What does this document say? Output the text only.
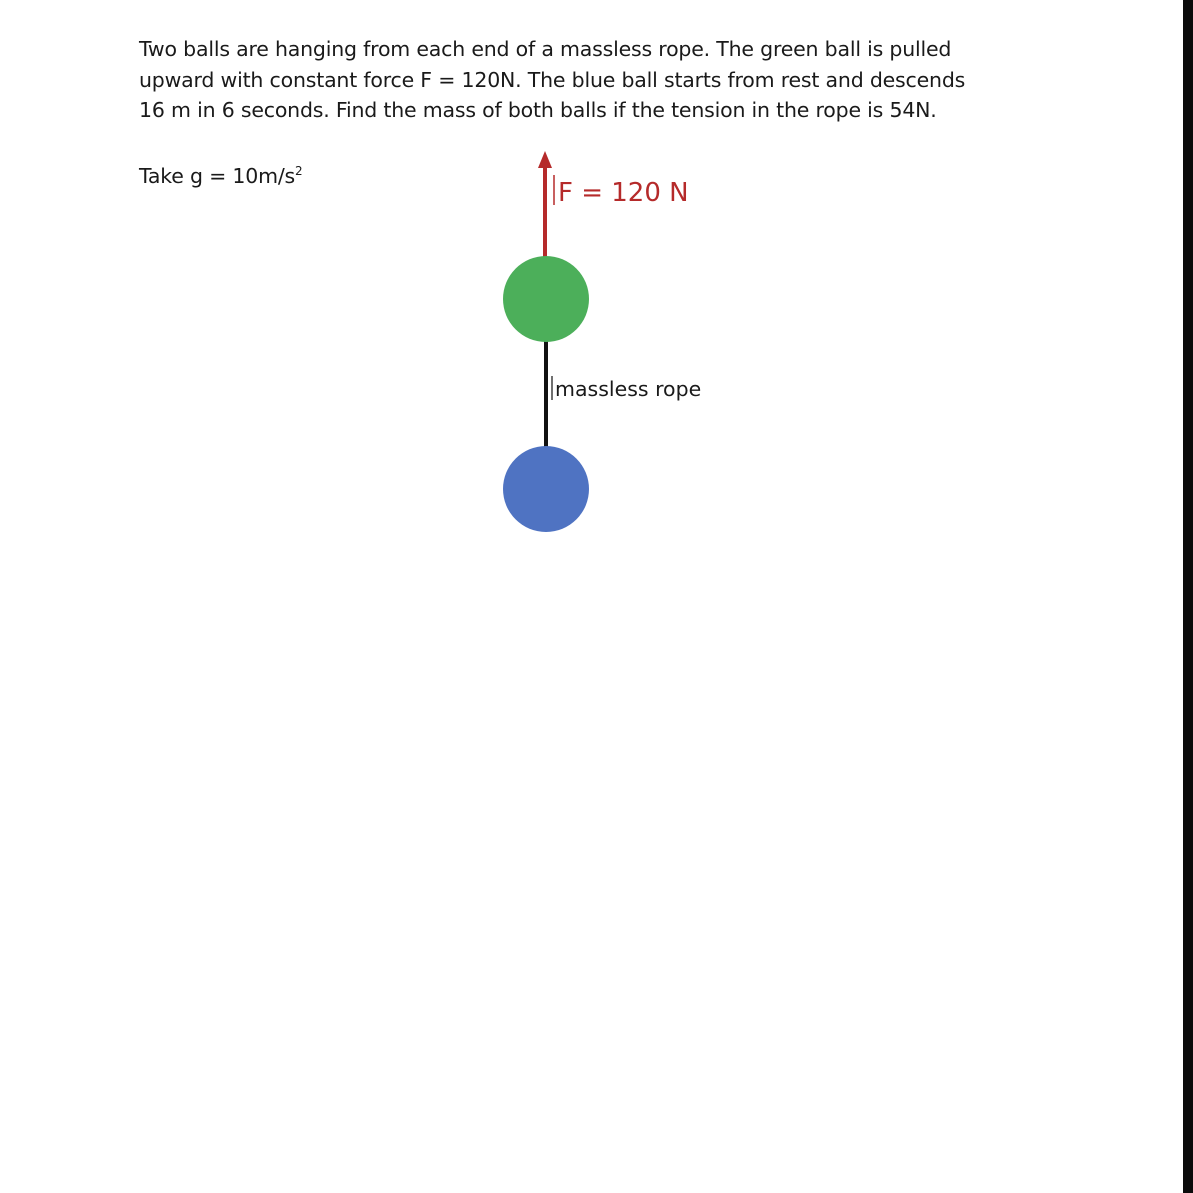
Two balls are hanging from each end of a massless rope. The green ball is pulled upward with constant force F = 120N. The blue ball starts from rest and descends 16 m in 6 seconds. Find the mass of both balls if the tension in the rope is 54N.

Take $g = 10m/s^2$

F = 120 N
massless rope
